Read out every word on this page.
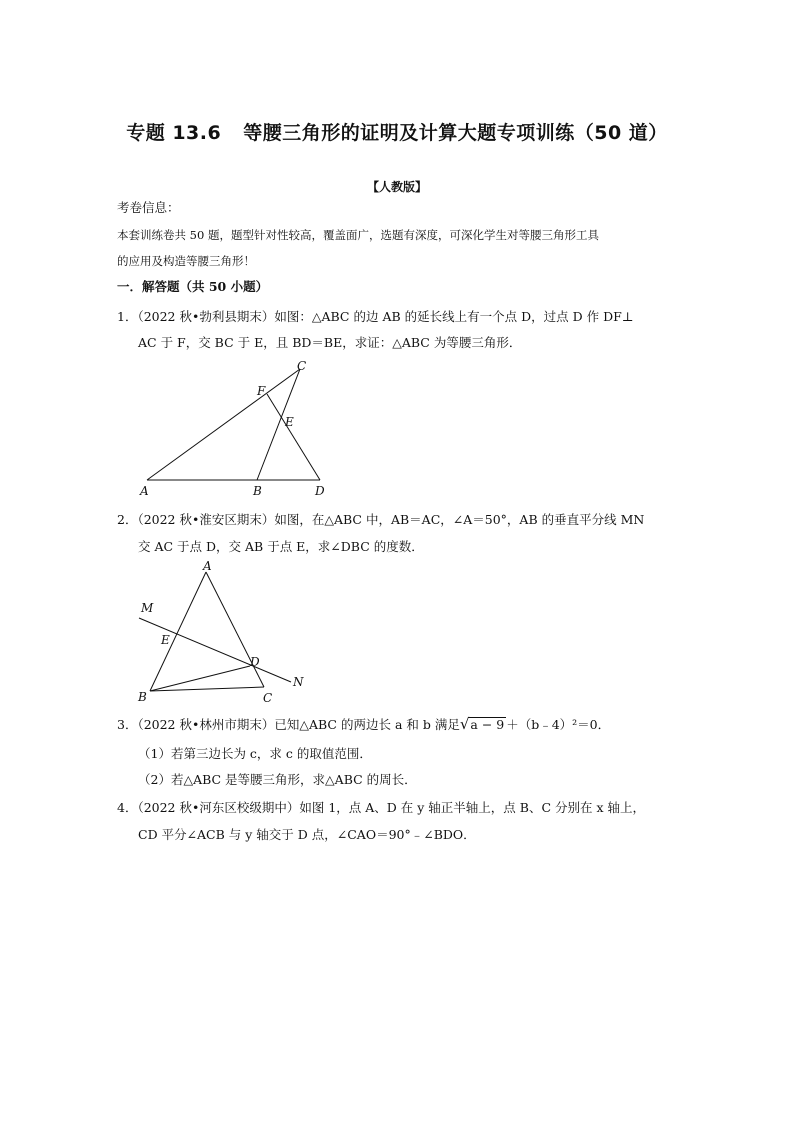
专题 13.6 等腰三角形的证明及计算大题专项训练（50 道）
【人教版】
考卷信息：
本套训练卷共 50 题，题型针对性较高，覆盖面广，选题有深度，可深化学生对等腰三角形工具
的应用及构造等腰三角形！
一．解答题（共 50 小题）
1．（2022 秋•勃利县期末）如图：△ABC 的边 AB 的延长线上有一个点 D，过点 D 作 DF⊥
AC 于 F，交 BC 于 E，且 BD＝BE，求证：△ABC 为等腰三角形．
A	B	D
C
F
E
2．（2022 秋•淮安区期末）如图，在△ABC 中，AB＝AC，∠A＝50°，AB 的垂直平分线 MN
交 AC 于点 D，交 AB 于点 E，求∠DBC 的度数．
A
M
E
D
N
B	C
3．（2022 秋•林州市期末）已知△ABC 的两边长 a 和 b 满足√a − 9 ＋（b﹣4）²＝0．
（1）若第三边长为 c，求 c 的取值范围．
（2）若△ABC 是等腰三角形，求△ABC 的周长．
4．（2022 秋•河东区校级期中）如图 1，点 A、D 在 y 轴正半轴上，点 B、C 分别在 x 轴上，
CD 平分∠ACB 与 y 轴交于 D 点，∠CAO＝90°﹣∠BDO．
